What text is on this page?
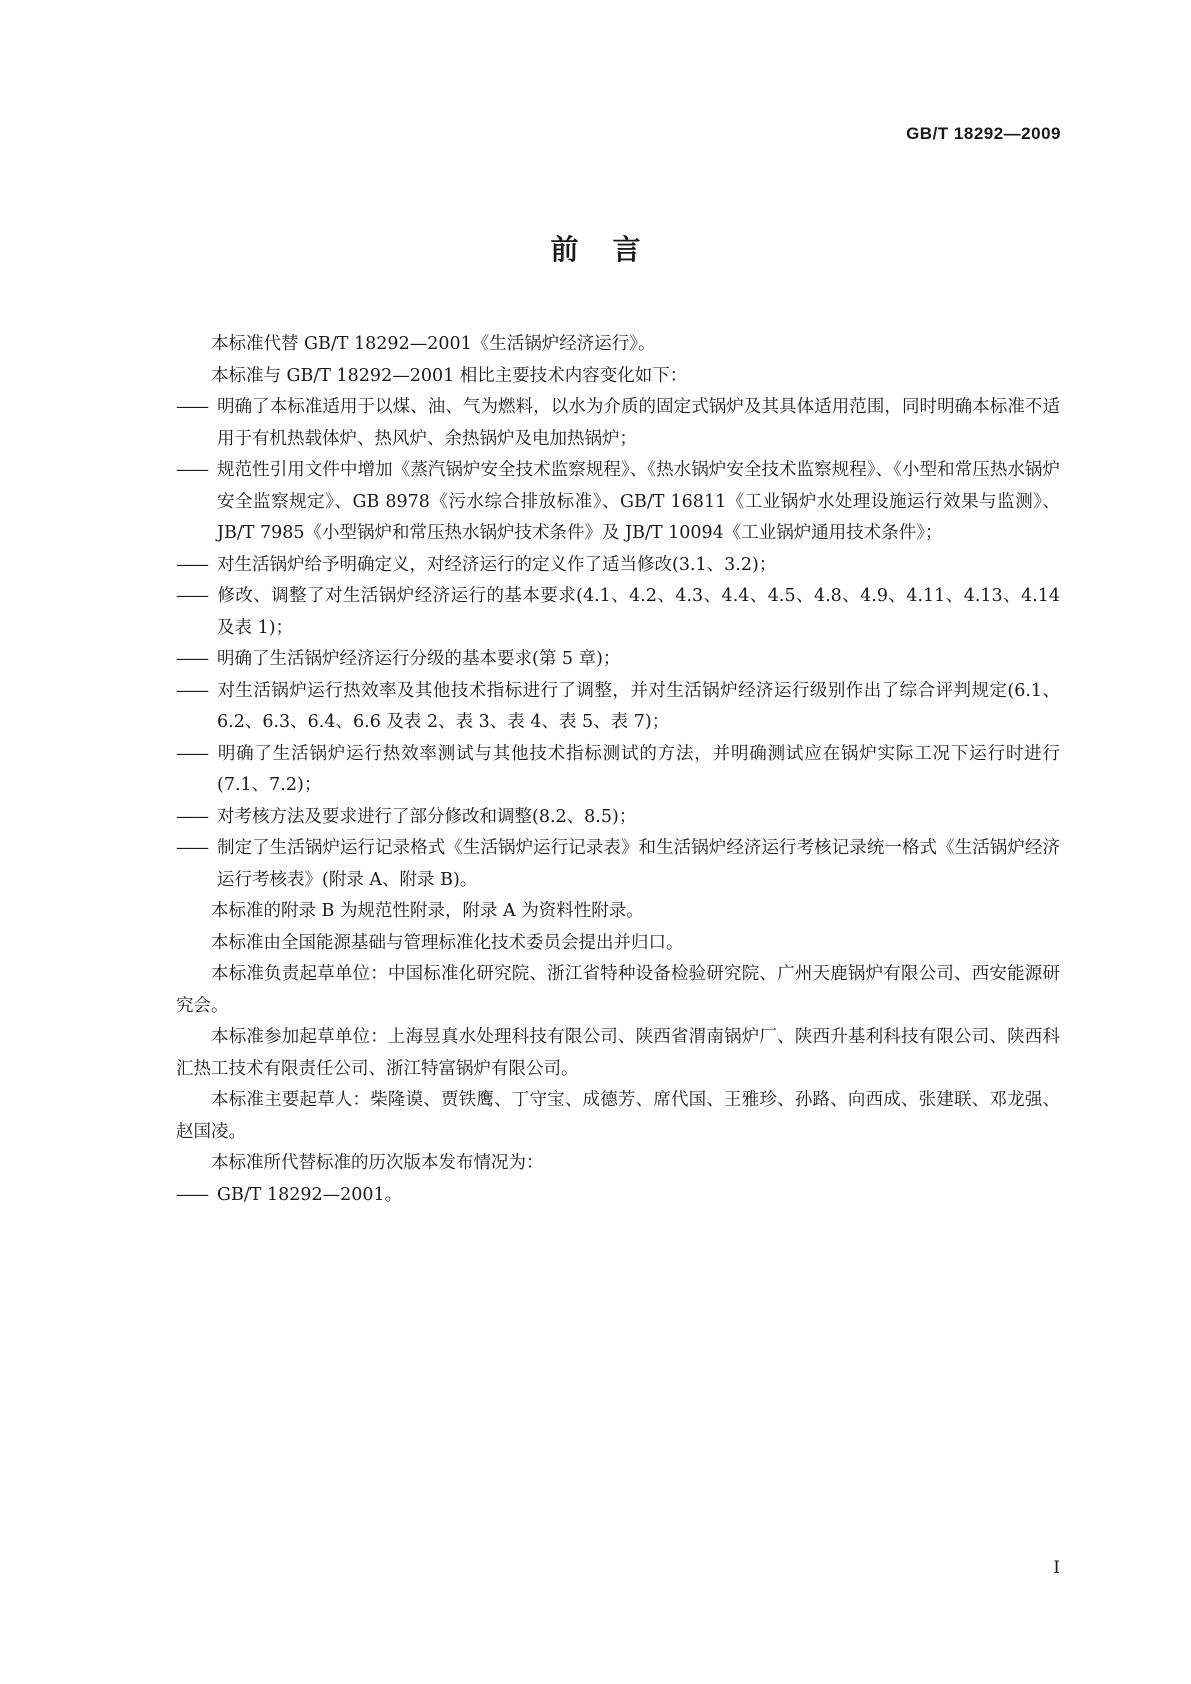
GB/T 18292—2009
前言

本标准代替 GB/T 18292—2001《生活锅炉经济运行》。

本标准与 GB/T 18292—2001 相比主要技术内容变化如下：

—— 明确了本标准适用于以煤、油、气为燃料，以水为介质的固定式锅炉及其具体适用范围，同时明确本标准不适用于有机热载体炉、热风炉、余热锅炉及电加热锅炉；

—— 规范性引用文件中增加《蒸汽锅炉安全技术监察规程》、《热水锅炉安全技术监察规程》、《小型和常压热水锅炉安全监察规定》、GB 8978《污水综合排放标准》、GB/T 16811《工业锅炉水处理设施运行效果与监测》、JB/T 7985《小型锅炉和常压热水锅炉技术条件》及 JB/T 10094《工业锅炉通用技术条件》；

—— 对生活锅炉给予明确定义，对经济运行的定义作了适当修改(3.1、3.2)；

—— 修改、调整了对生活锅炉经济运行的基本要求(4.1、4.2、4.3、4.4、4.5、4.8、4.9、4.11、4.13、4.14 及表 1)；

—— 明确了生活锅炉经济运行分级的基本要求(第 5 章)；

—— 对生活锅炉运行热效率及其他技术指标进行了调整，并对生活锅炉经济运行级别作出了综合评判规定(6.1、6.2、6.3、6.4、6.6 及表 2、表 3、表 4、表 5、表 7)；

—— 明确了生活锅炉运行热效率测试与其他技术指标测试的方法，并明确测试应在锅炉实际工况下运行时进行(7.1、7.2)；

—— 对考核方法及要求进行了部分修改和调整(8.2、8.5)；

—— 制定了生活锅炉运行记录格式《生活锅炉运行记录表》和生活锅炉经济运行考核记录统一格式《生活锅炉经济运行考核表》(附录 A、附录 B)。

本标准的附录 B 为规范性附录，附录 A 为资料性附录。

本标准由全国能源基础与管理标准化技术委员会提出并归口。

本标准负责起草单位：中国标准化研究院、浙江省特种设备检验研究院、广州天鹿锅炉有限公司、西安能源研究会。

本标准参加起草单位：上海昱真水处理科技有限公司、陕西省渭南锅炉厂、陕西升基利科技有限公司、陕西科汇热工技术有限责任公司、浙江特富锅炉有限公司。

本标准主要起草人：柴隆谟、贾铁鹰、丁守宝、成德芳、席代国、王雅珍、孙路、向西成、张建联、邓龙强、赵国凌。

本标准所代替标准的历次版本发布情况为：

—— GB/T 18292—2001。

I
